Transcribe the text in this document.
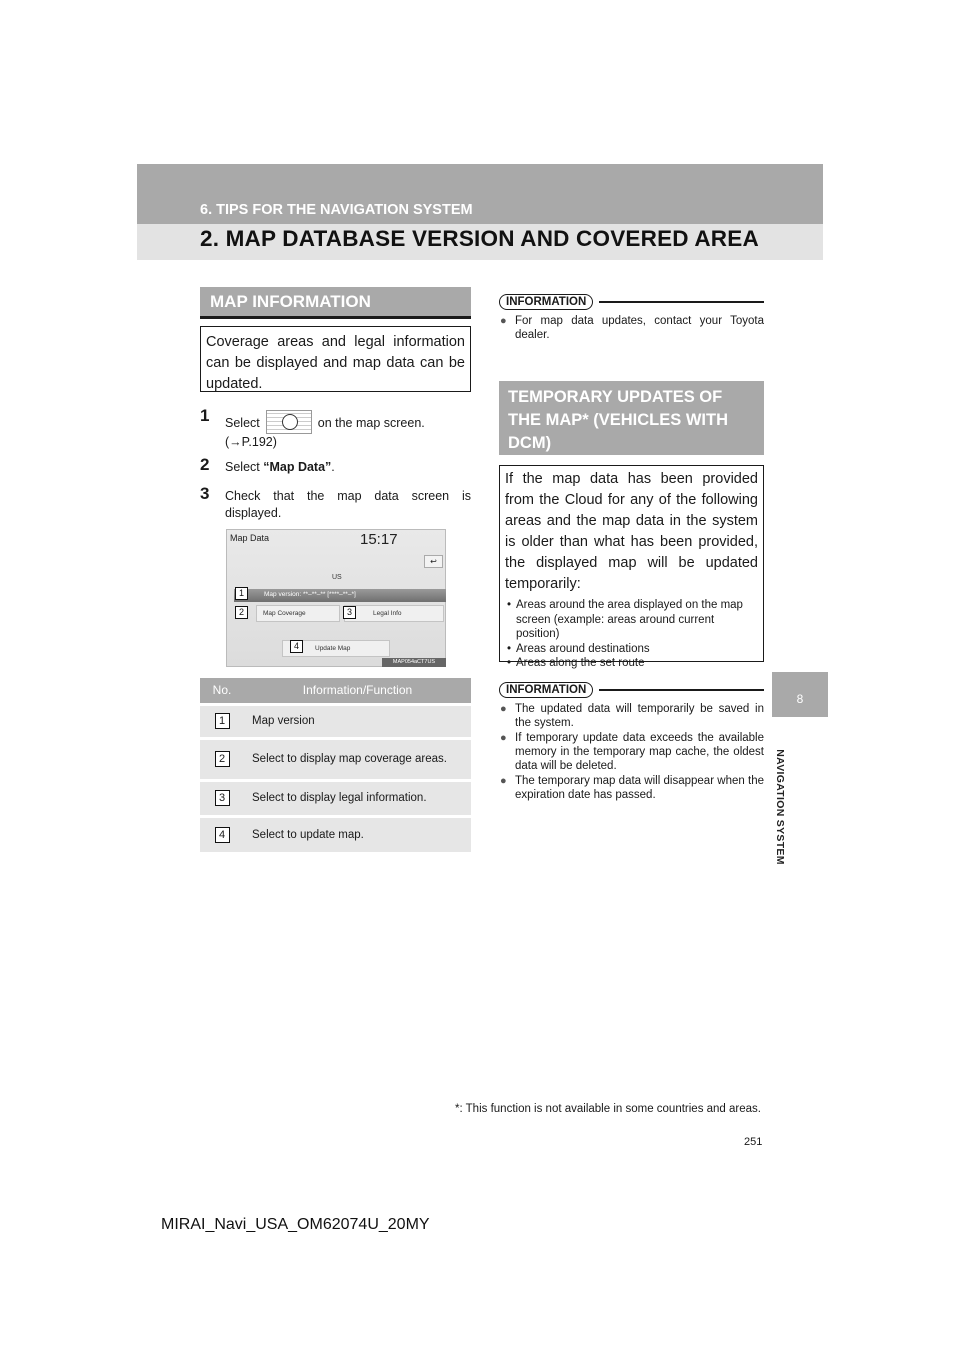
6. TIPS FOR THE NAVIGATION SYSTEM
2. MAP DATABASE VERSION AND COVERED AREA
8
NAVIGATION SYSTEM
MAP INFORMATION
Coverage areas and legal information can be displayed and map data can be updated.
1	Select	on the map screen.
(→P.192)
2	Select “Map Data”.
3	Check that the map data screen is displayed.
Map Data	15:17
↩
US
Map version: **–**–** [****–**–*]
Map Coverage	Legal Info
Update Map
1
2	3
4
MAP054aCT7US
No.	Information/Function
1	Map version
2	Select to display map coverage areas.
3	Select to display legal information.
4	Select to update map.
INFORMATION
● For map data updates, contact your Toyota dealer.
TEMPORARY UPDATES OF THE MAP* (VEHICLES WITH DCM)
If the map data has been provided from the Cloud for any of the following areas and the map data in the system is older than what has been provided, the displayed map will be updated temporarily:
• Areas around the area displayed on the map screen (example: areas around current position)
• Areas around destinations
• Areas along the set route
INFORMATION
● The updated data will temporarily be saved in the system.
● If temporary update data exceeds the available memory in the temporary map cache, the oldest data will be deleted.
● The temporary map data will disappear when the expiration date has passed.
*: This function is not available in some countries and areas.
251
MIRAI_Navi_USA_OM62074U_20MY
